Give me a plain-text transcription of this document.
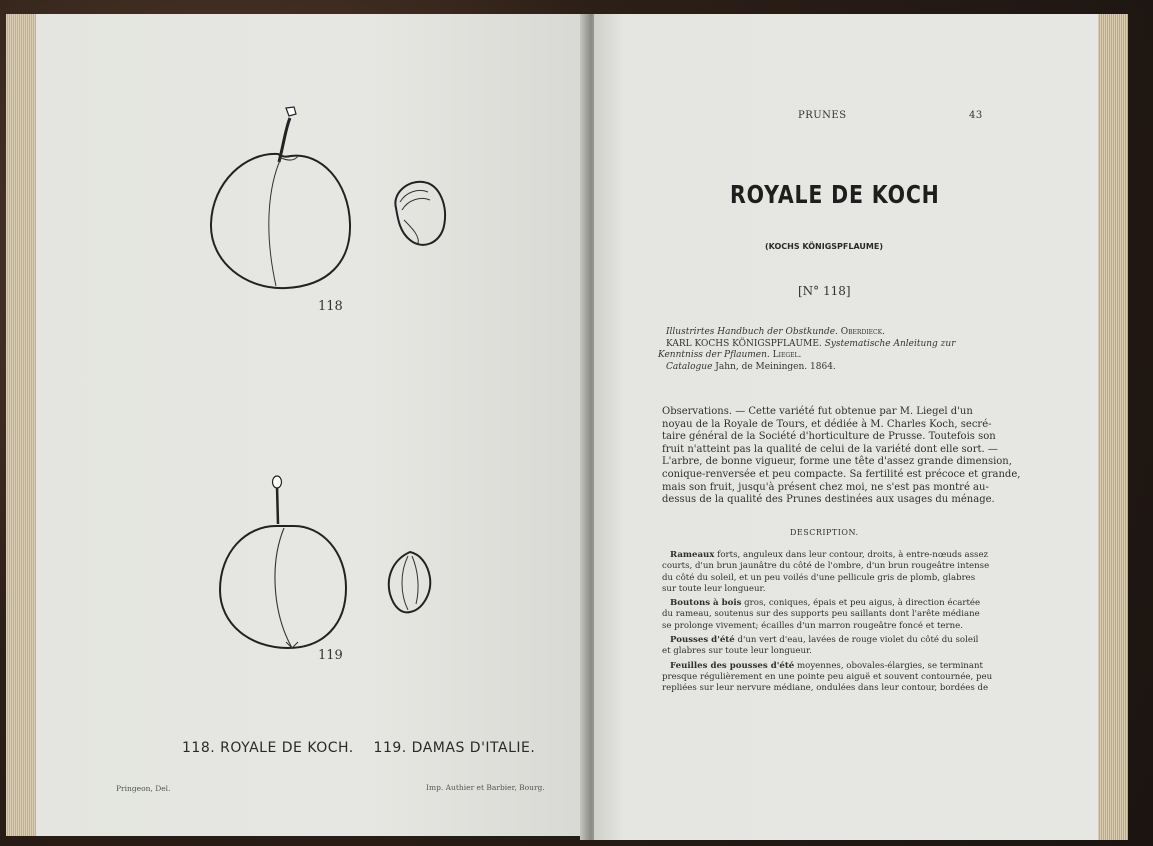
118
119
118. ROYALE DE KOCH.    119. DAMAS D'ITALIE.
Pringeon, Del.	Imp. Authier et Barbier, Bourg.
PRUNES	43
ROYALE DE KOCH
(KOCHS KÖNIGSPFLAUME)
[N° 118]
Illustrirtes Handbuch der Obstkunde. Oberdieck.
KARL KOCHS KÖNIGSPFLAUME. Systematische Anleitung zur
Kenntniss der Pflaumen. Liegel.
Catalogue Jahn, de Meiningen. 1864.
Observations. — Cette variété fut obtenue par M. Liegel d'un
noyau de la Royale de Tours, et dédiée à M. Charles Koch, secré-
taire général de la Société d'horticulture de Prusse. Toutefois son
fruit n'atteint pas la qualité de celui de la variété dont elle sort. —
L'arbre, de bonne vigueur, forme une tête d'assez grande dimension,
conique-renversée et peu compacte. Sa fertilité est précoce et grande,
mais son fruit, jusqu'à présent chez moi, ne s'est pas montré au-
dessus de la qualité des Prunes destinées aux usages du ménage.
DESCRIPTION.
Rameaux forts, anguleux dans leur contour, droits, à entre-nœuds assez
courts, d'un brun jaunâtre du côté de l'ombre, d'un brun rougeâtre intense
du côté du soleil, et un peu voilés d'une pellicule gris de plomb, glabres
sur toute leur longueur.
Boutons à bois gros, coniques, épais et peu aigus, à direction écartée
du rameau, soutenus sur des supports peu saillants dont l'arête médiane
se prolonge vivement; écailles d'un marron rougeâtre foncé et terne.
Pousses d'été d'un vert d'eau, lavées de rouge violet du côté du soleil
et glabres sur toute leur longueur.
Feuilles des pousses d'été moyennes, obovales-élargies, se terminant
presque régulièrement en une pointe peu aiguë et souvent contournée, peu
repliées sur leur nervure médiane, ondulées dans leur contour, bordées de
